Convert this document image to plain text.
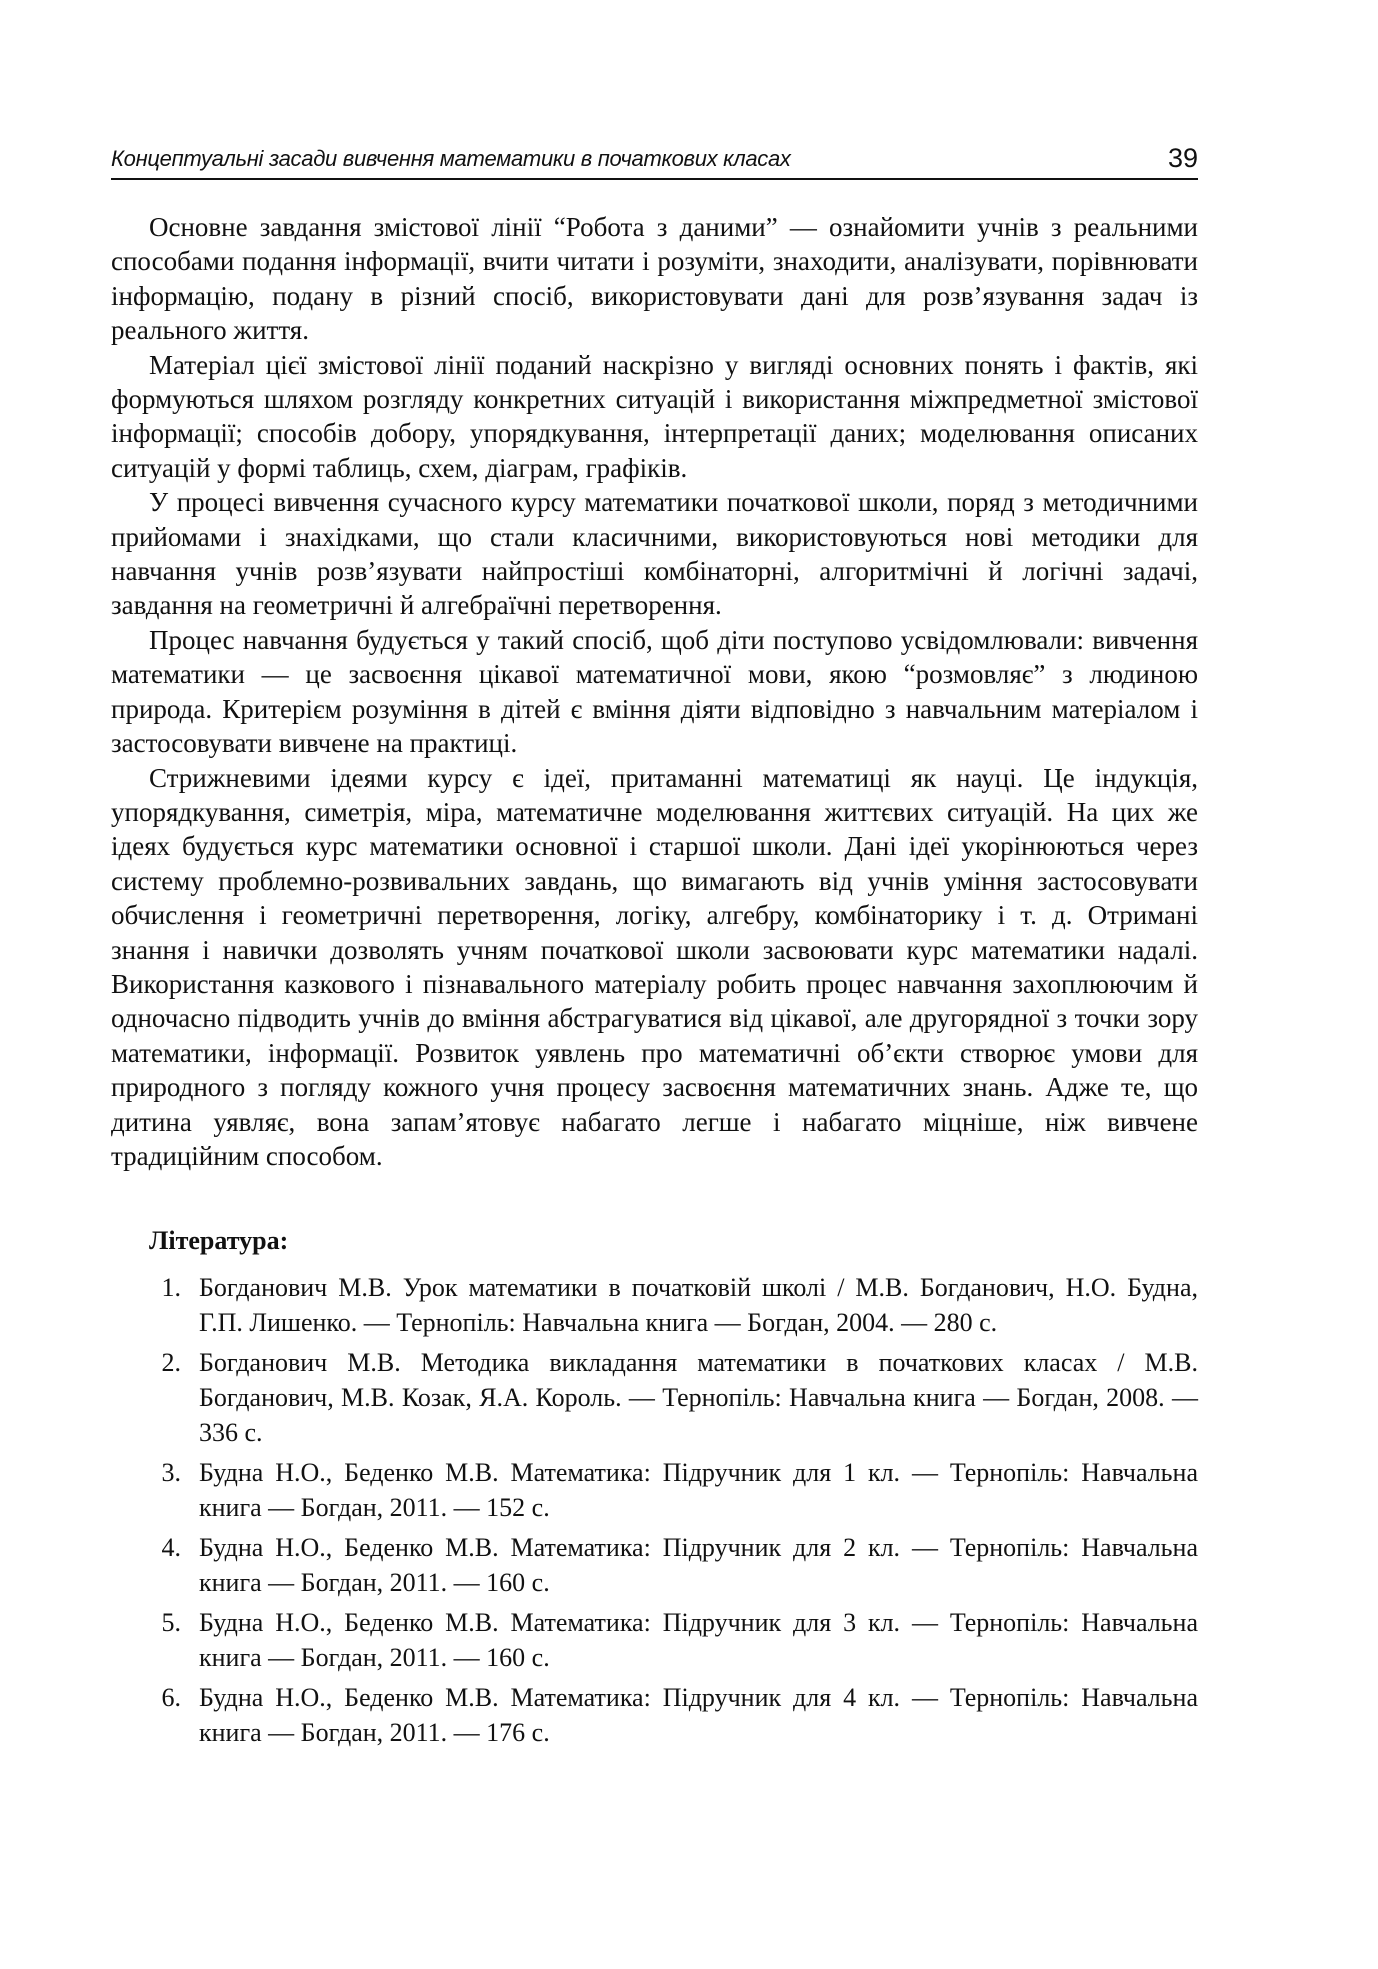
Концептуальні засади вивчення математики в початкових класах	39

Основне завдання змістової лінії “Робота з даними” — ознайомити учнів з реальними способами подання інформації, вчити читати і розуміти, знаходити, аналізувати, порівнювати інформацію, подану в різний спосіб, використовувати дані для розв’язування задач із реального життя.

Матеріал цієї змістової лінії поданий наскрізно у вигляді основних понять і фактів, які формуються шляхом розгляду конкретних ситуацій і використання міжпредметної змістової інформації; способів добору, упорядкування, інтерпретації даних; моделювання описаних ситуацій у формі таблиць, схем, діаграм, графіків.

У процесі вивчення сучасного курсу математики початкової школи, поряд з методичними прийомами і знахідками, що стали класичними, використовуються нові методики для навчання учнів розв’язувати найпростіші комбінаторні, алгоритмічні й логічні задачі, завдання на геометричні й алгебраїчні перетворення.

Процес навчання будується у такий спосіб, щоб діти поступово усвідомлювали: вивчення математики — це засвоєння цікавої математичної мови, якою “розмовляє” з людиною природа. Критерієм розуміння в дітей є вміння діяти відповідно з навчальним матеріалом і застосовувати вивчене на практиці.

Стрижневими ідеями курсу є ідеї, притаманні математиці як науці. Це індукція, упорядкування, симетрія, міра, математичне моделювання життєвих ситуацій. На цих же ідеях будується курс математики основної і старшої школи. Дані ідеї укорінюються через систему проблемно-розвивальних завдань, що вимагають від учнів уміння застосовувати обчислення і геометричні перетворення, логіку, алгебру, комбінаторику і т. д. Отримані знання і навички дозволять учням початкової школи засвоювати курс математики надалі. Використання казкового і пізнавального матеріалу робить процес навчання захоплюючим й одночасно підводить учнів до вміння абстрагуватися від цікавої, але другорядної з точки зору математики, інформації. Розвиток уявлень про математичні об’єкти створює умови для природного з погляду кожного учня процесу засвоєння математичних знань. Адже те, що дитина уявляє, вона запам’ятовує набагато легше і набагато міцніше, ніж вивчене традиційним способом.

Література:
1. Богданович М.В. Урок математики в початковій школі / М.В. Богданович, Н.О. Будна, Г.П. Лишенко. — Тернопіль: Навчальна книга — Богдан, 2004. — 280 с.
2. Богданович М.В. Методика викладання математики в початкових класах / М.В. Богданович, М.В. Козак, Я.А. Король. — Тернопіль: Навчальна книга — Богдан, 2008. — 336 с.
3. Будна Н.О., Беденко М.В. Математика: Підручник для 1 кл. — Тернопіль: Навчальна книга — Богдан, 2011. — 152 с.
4. Будна Н.О., Беденко М.В. Математика: Підручник для 2 кл. — Тернопіль: Навчальна книга — Богдан, 2011. — 160 с.
5. Будна Н.О., Беденко М.В. Математика: Підручник для 3 кл. — Тернопіль: Навчальна книга — Богдан, 2011. — 160 с.
6. Будна Н.О., Беденко М.В. Математика: Підручник для 4 кл. — Тернопіль: Навчальна книга — Богдан, 2011. — 176 с.
